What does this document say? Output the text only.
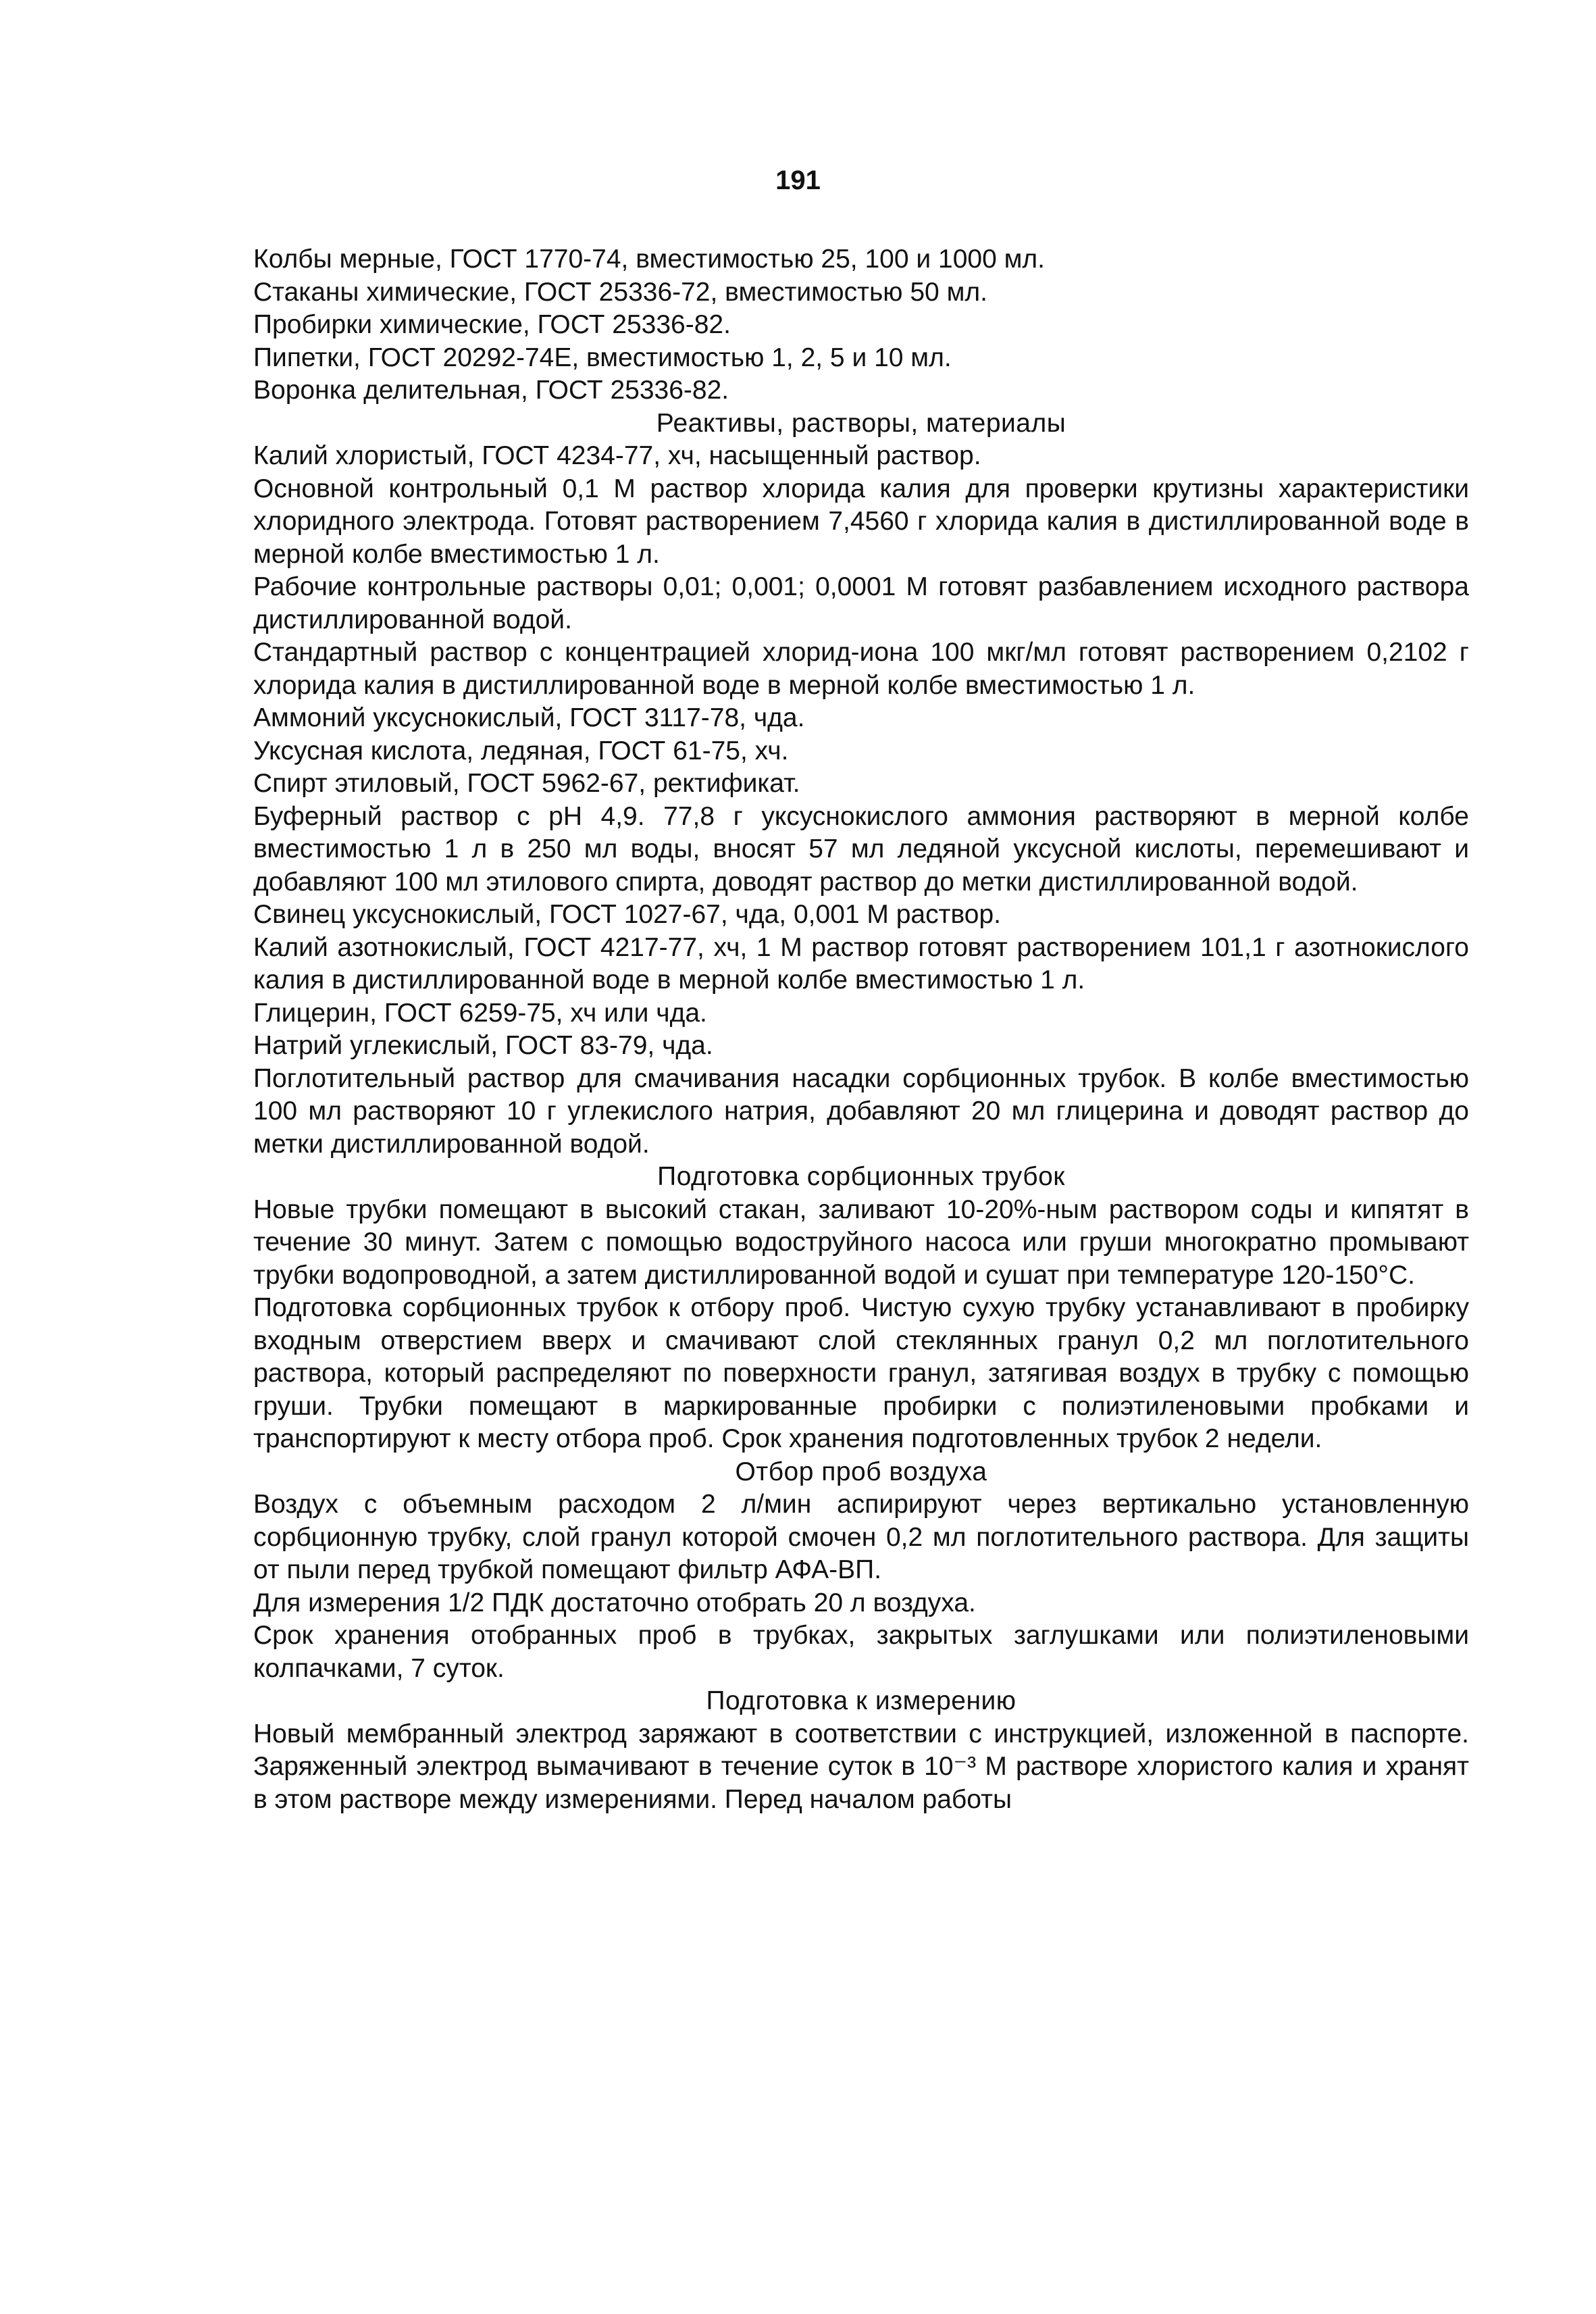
191

Колбы мерные, ГОСТ 1770-74, вместимостью 25, 100 и 1000 мл.

Стаканы химические, ГОСТ 25336-72, вместимостью 50 мл.

Пробирки химические, ГОСТ 25336-82.

Пипетки, ГОСТ 20292-74Е, вместимостью 1, 2, 5 и 10 мл.

Воронка делительная, ГОСТ 25336-82.

Реактивы, растворы, материалы

Калий хлористый, ГОСТ 4234-77, хч, насыщенный раствор.

Основной контрольный 0,1 М раствор хлорида калия для проверки крутизны характеристики хлоридного электрода. Готовят растворением 7,4560 г хлорида калия в дистиллированной воде в мерной колбе вместимостью 1 л.

Рабочие контрольные растворы 0,01; 0,001; 0,0001 М готовят разбавлением исходного раствора дистиллированной водой.

Стандартный раствор с концентрацией хлорид-иона 100 мкг/мл готовят растворением 0,2102 г хлорида калия в дистиллированной воде в мерной колбе вместимостью 1 л.

Аммоний уксуснокислый, ГОСТ 3117-78, чда.

Уксусная кислота, ледяная, ГОСТ 61-75, хч.

Спирт этиловый, ГОСТ 5962-67, ректификат.

Буферный раствор с рН 4,9. 77,8 г уксуснокислого аммония растворяют в мерной колбе вместимостью 1 л в 250 мл воды, вносят 57 мл ледяной уксусной кислоты, перемешивают и добавляют 100 мл этилового спирта, доводят раствор до метки дистиллированной водой.

Свинец уксуснокислый, ГОСТ 1027-67, чда, 0,001 М раствор.

Калий азотнокислый, ГОСТ 4217-77, хч, 1 М раствор готовят растворением 101,1 г азотнокислого калия в дистиллированной воде в мерной колбе вместимостью 1 л.

Глицерин, ГОСТ 6259-75, хч или чда.

Натрий углекислый, ГОСТ 83-79, чда.

Поглотительный раствор для смачивания насадки сорбционных трубок. В колбе вместимостью 100 мл растворяют 10 г углекислого натрия, добавляют 20 мл глицерина и доводят раствор до метки дистиллированной водой.

Подготовка сорбционных трубок

Новые трубки помещают в высокий стакан, заливают 10-20%-ным раствором соды и кипятят в течение 30 минут. Затем с помощью водоструйного насоса или груши многократно промывают трубки водопроводной, а затем дистиллированной водой и сушат при температуре 120-150°С.

Подготовка сорбционных трубок к отбору проб. Чистую сухую трубку устанавливают в пробирку входным отверстием вверх и смачивают слой стеклянных гранул 0,2 мл поглотительного раствора, который распределяют по поверхности гранул, затягивая воздух в трубку с помощью груши. Трубки помещают в маркированные пробирки с полиэтиленовыми пробками и транспортируют к месту отбора проб. Срок хранения подготовленных трубок 2 недели.

Отбор проб воздуха

Воздух с объемным расходом 2 л/мин аспирируют через вертикально установленную сорбционную трубку, слой гранул которой смочен 0,2 мл поглотительного раствора. Для защиты от пыли перед трубкой помещают фильтр АФА-ВП.

Для измерения 1/2 ПДК достаточно отобрать 20 л воздуха.

Срок хранения отобранных проб в трубках, закрытых заглушками или полиэтиленовыми колпачками, 7 суток.

Подготовка к измерению

Новый мембранный электрод заряжают в соответствии с инструкцией, изложенной в паспорте. Заряженный электрод вымачивают в течение суток в 10⁻³ М растворе хлористого калия и хранят в этом растворе между измерениями. Перед началом работы
